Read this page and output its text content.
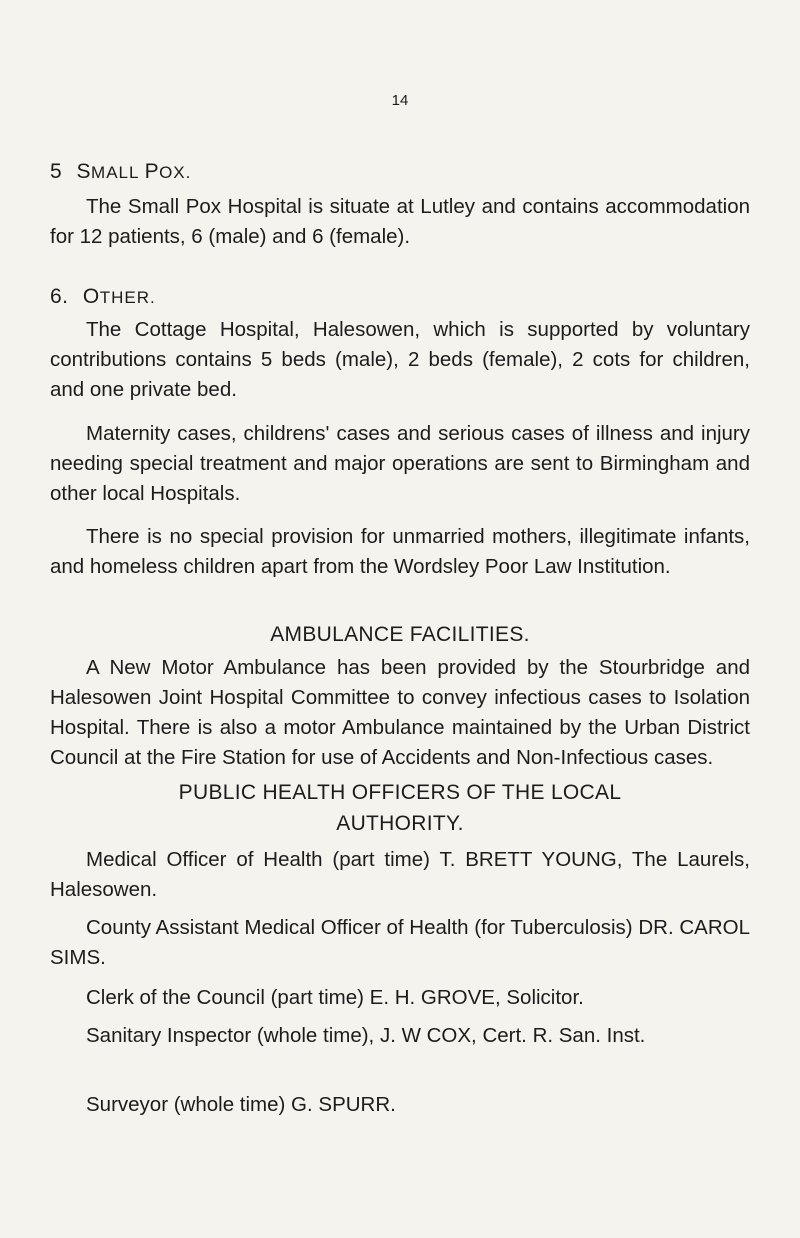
14
5 SMALL POX.
The Small Pox Hospital is situate at Lutley and contains accommodation for 12 patients, 6 (male) and 6 (female).
6. OTHER.
The Cottage Hospital, Halesowen, which is supported by voluntary contributions contains 5 beds (male), 2 beds (female), 2 cots for children, and one private bed.
Maternity cases, childrens' cases and serious cases of illness and injury needing special treatment and major operations are sent to Birmingham and other local Hospitals.
There is no special provision for unmarried mothers, illegitimate infants, and homeless children apart from the Wordsley Poor Law Institution.
AMBULANCE FACILITIES.
A New Motor Ambulance has been provided by the Stourbridge and Halesowen Joint Hospital Committee to convey infectious cases to Isolation Hospital. There is also a motor Ambulance maintained by the Urban District Council at the Fire Station for use of Accidents and Non-Infectious cases.
PUBLIC HEALTH OFFICERS OF THE LOCAL
AUTHORITY.
Medical Officer of Health (part time) T. BRETT YOUNG, The Laurels, Halesowen.
County Assistant Medical Officer of Health (for Tuberculosis) DR. CAROL SIMS.
Clerk of the Council (part time) E. H. GROVE, Solicitor.
Sanitary Inspector (whole time), J. W COX, Cert. R. San. Inst.
Surveyor (whole time) G. SPURR.
